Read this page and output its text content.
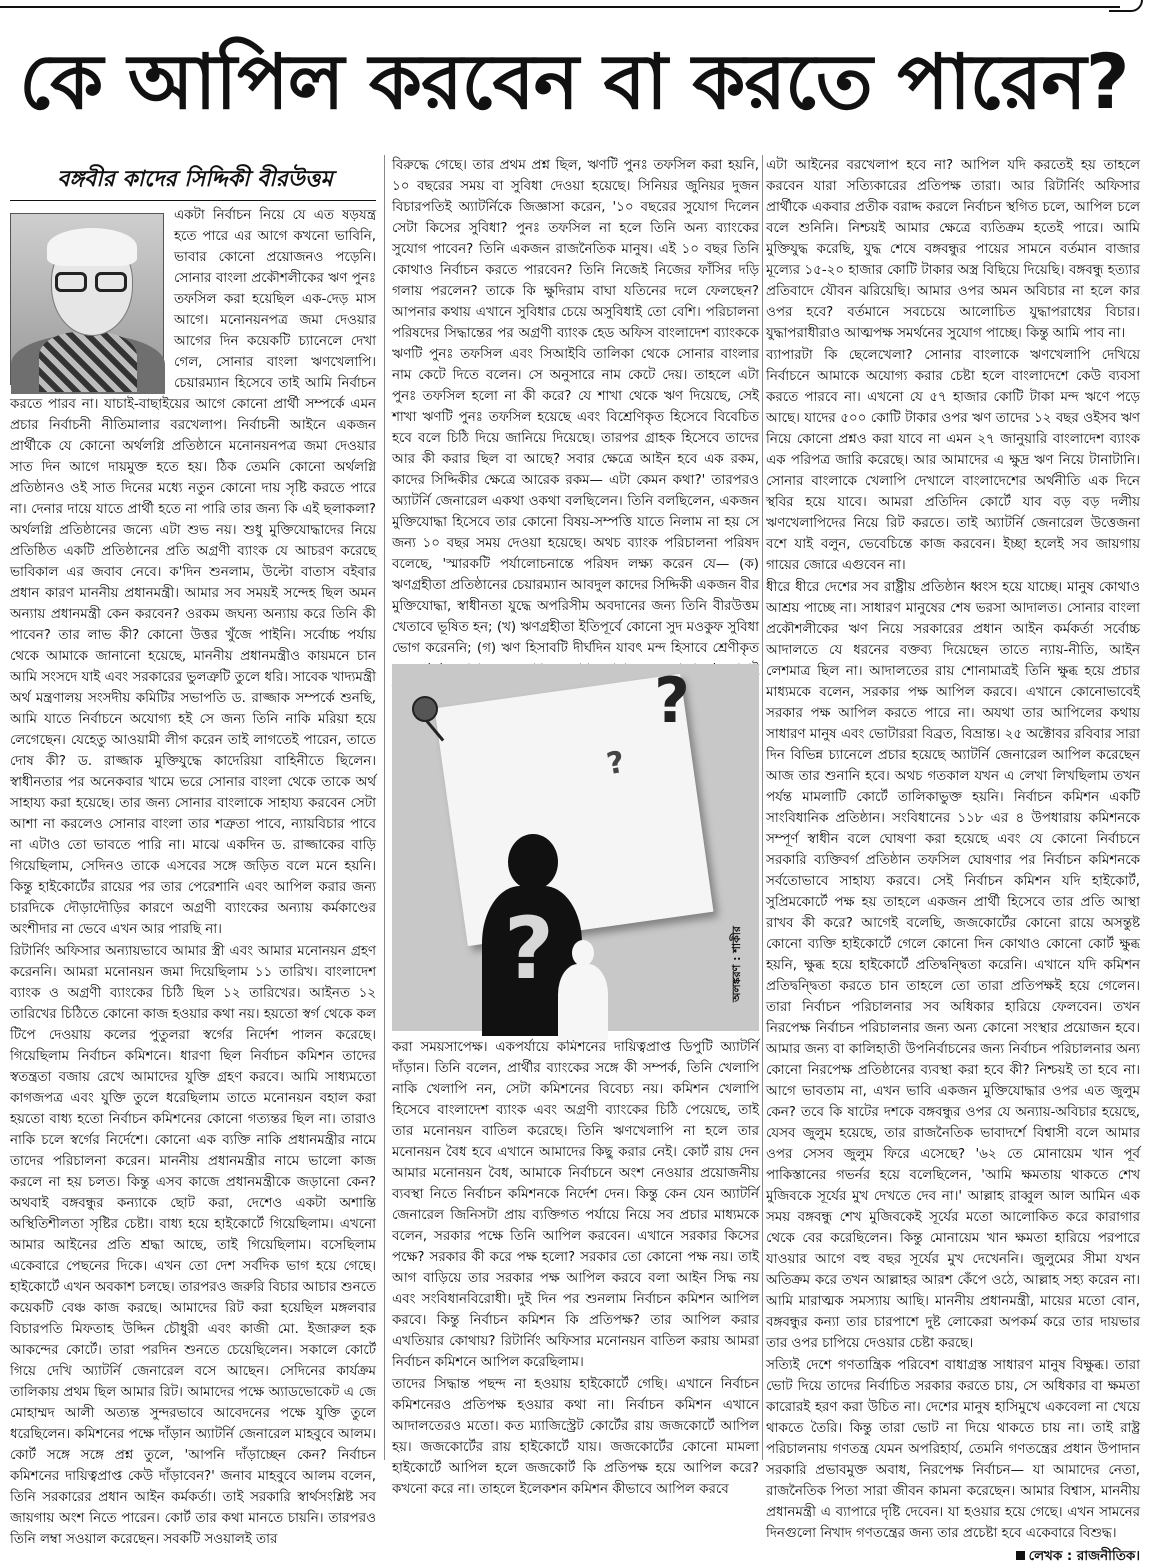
কে আপিল করবেন বা করতে পারেন?
বঙ্গবীর কাদের সিদ্দিকী বীরউত্তম

একটা নির্বাচন নিয়ে যে এত ষড়যন্ত্র হতে পারে এর আগে কখনো ভাবিনি, ভাবার কোনো প্রয়োজনও পড়েনি। সোনার বাংলা প্রকৌশলীকের ঋণ পুনঃ তফসিল করা হয়েছিল এক-দেড় মাস আগে। মনোনয়নপত্র জমা দেওয়ার আগের দিন কয়েকটি চ্যানেলে দেখা গেল, সোনার বাংলা ঋণখেলাপি। চেয়ারম্যান হিসেবে তাই আমি নির্বাচন করতে পারব না। যাচাই-বাছাইয়ের আগে কোনো প্রার্থী সম্পর্কে এমন প্রচার নির্বাচনী নীতিমালার বরখেলাপ। নির্বাচনী আইনে একজন প্রার্থীকে যে কোনো অর্থলগ্নি প্রতিষ্ঠানে মনোনয়নপত্র জমা দেওয়ার সাত দিন আগে দায়মুক্ত হতে হয়। ঠিক তেমনি কোনো অর্থলগ্নি প্রতিষ্ঠানও ওই সাত দিনের মধ্যে নতুন কোনো দায় সৃষ্টি করতে পারে না। দেনার দায়ে যাতে প্রার্থী হতে না পারি তার জন্য কি এই ছলাকলা? অর্থলগ্নি প্রতিষ্ঠানের জন্যে এটা শুভ নয়। শুধু মুক্তিযোদ্ধাদের নিয়ে প্রতিষ্ঠিত একটি প্রতিষ্ঠানের প্রতি অগ্রণী ব্যাংক যে আচরণ করেছে ভাবিকাল এর জবাব নেবে। ক'দিন শুনলাম, উল্টো বাতাস বইবার প্রধান কারণ মাননীয় প্রধানমন্ত্রী। আমার সব সময়ই সন্দেহ ছিল অমন অন্যায় প্রধানমন্ত্রী কেন করবেন? ওরকম জঘন্য অন্যায় করে তিনি কী পাবেন? তার লাভ কী? কোনো উত্তর খুঁজে পাইনি। সর্বোচ্চ পর্যায় থেকে আমাকে জানানো হয়েছে, মাননীয় প্রধানমন্ত্রীও কায়মনে চান আমি সংসদে যাই এবং সরকারের ভুলত্রুটি তুলে ধরি। সাবেক খাদ্যমন্ত্রী অর্থ মন্ত্রণালয় সংসদীয় কমিটির সভাপতি ড. রাজ্জাক সম্পর্কে শুনছি, আমি যাতে নির্বাচনে অযোগ্য হই সে জন্য তিনি নাকি মরিয়া হয়ে লেগেছেন। যেহেতু আওয়ামী লীগ করেন তাই লাগতেই পারেন, তাতে দোষ কী? ড. রাজ্জাক মুক্তিযুদ্ধে কাদেরিয়া বাহিনীতে ছিলেন। স্বাধীনতার পর অনেকবার খামে ভরে সোনার বাংলা থেকে তাকে অর্থ সাহায্য করা হয়েছে। তার জন্য সোনার বাংলাকে সাহায্য করবেন সেটা আশা না করলেও সোনার বাংলা তার শত্রুতা পাবে, ন্যায়বিচার পাবে না এটাও তো ভাবতে পারি না। মাঝে একদিন ড. রাজ্জাকের বাড়ি গিয়েছিলাম, সেদিনও তাকে এসবের সঙ্গে জড়িত বলে মনে হয়নি। কিন্তু হাইকোর্টের রায়ের পর তার পেরেশানি এবং আপিল করার জন্য চারদিকে দৌড়াদৌড়ির কারণে অগ্রণী ব্যাংকের অন্যায় কর্মকাণ্ডের অংশীদার না ভেবে এখন আর পারছি না।

রিটার্নিং অফিসার অন্যায়ভাবে আমার স্ত্রী এবং আমার মনোনয়ন গ্রহণ করেননি। আমরা মনোনয়ন জমা দিয়েছিলাম ১১ তারিখ। বাংলাদেশ ব্যাংক ও অগ্রণী ব্যাংকের চিঠি ছিল ১২ তারিখের। আইনত ১২ তারিখের চিঠিতে কোনো কাজ হওয়ার কথা নয়। হয়তো স্বর্গ থেকে কল টিপে দেওয়ায় কলের পুতুলরা স্বর্গের নির্দেশ পালন করেছে। গিয়েছিলাম নির্বাচন কমিশনে। ধারণা ছিল নির্বাচন কমিশন তাদের স্বতন্ত্রতা বজায় রেখে আমাদের যুক্তি গ্রহণ করবে। আমি সাধ্যমতো কাগজপত্র এবং যুক্তি তুলে ধরেছিলাম তাতে মনোনয়ন বহাল করা হয়তো বাধ্য হতো নির্বাচন কমিশনের কোনো গত্যন্তর ছিল না। তারাও নাকি চলে স্বর্গের নির্দেশে। কোনো এক ব্যক্তি নাকি প্রধানমন্ত্রীর নামে তাদের পরিচালনা করেন। মাননীয় প্রধানমন্ত্রীর নামে ভালো কাজ করলে না হয় চলত। কিন্তু এসব কাজে প্রধানমন্ত্রীকে জড়ানো কেন? অথবাই বঙ্গবন্ধুর কন্যাকে ছোট করা, দেশেও একটা অশান্তি অস্থিতিশীলতা সৃষ্টির চেষ্টা। বাধ্য হয়ে হাইকোর্টে গিয়েছিলাম। এখনো আমার আইনের প্রতি শ্রদ্ধা আছে, তাই গিয়েছিলাম। বসেছিলাম একেবারে পেছনের দিকে। এখন তো দেশ সর্বদিক ভাগ হয়ে গেছে। হাইকোর্টে এখন অবকাশ চলছে। তারপরও জরুরি বিচার আচার শুনতে কয়েকটি বেঞ্চ কাজ করছে। আমাদের রিট করা হয়েছিল মঙ্গলবার বিচারপতি মিফতাহ উদ্দিন চৌধুরী এবং কাজী মো. ইজারুল হক আকন্দের কোর্টে। তারা পরদিন শুনতে চেয়েছিলেন। সকালে কোর্টে গিয়ে দেখি অ্যাটর্নি জেনারেল বসে আছেন। সেদিনের কার্যক্রম তালিকায় প্রথম ছিল আমার রিট। আমাদের পক্ষে অ্যাডভোকেট এ জে মোহাম্মদ আলী অত্যন্ত সুন্দরভাবে আবেদনের পক্ষে যুক্তি তুলে ধরেছিলেন। কমিশনের পক্ষে দাঁড়ান অ্যাটর্নি জেনারেল মাহবুবে আলম। কোর্ট সঙ্গে সঙ্গে প্রশ্ন তুলে, 'আপনি দাঁড়াচ্ছেন কেন? নির্বাচন কমিশনের দায়িত্বপ্রাপ্ত কেউ দাঁড়াবেন?' জনাব মাহবুবে আলম বলেন, তিনি সরকারের প্রধান আইন কর্মকর্তা। তাই সরকারি স্বার্থসংশ্লিষ্ট সব জায়গায় অংশ নিতে পারেন। কোর্ট তার কথা মানতে চায়নি। তারপরও তিনি লম্বা সওয়াল করেছেন। সবকটি সওয়ালই তার

বিরুদ্ধে গেছে। তার প্রথম প্রশ্ন ছিল, ঋণটি পুনঃ তফসিল করা হয়নি, ১০ বছরের সময় বা সুবিধা দেওয়া হয়েছে। সিনিয়র জুনিয়র দুজন বিচারপতিই অ্যাটর্নিকে জিজ্ঞাসা করেন, '১০ বছরের সুযোগ দিলেন সেটা কিসের সুবিধা? পুনঃ তফসিল না হলে তিনি অন্য ব্যাংকের সুযোগ পাবেন? তিনি একজন রাজনৈতিক মানুষ। এই ১০ বছর তিনি কোথাও নির্বাচন করতে পারবেন? তিনি নিজেই নিজের ফাঁসির দড়ি গলায় পরলেন? তাকে কি ক্ষুদিরাম বাঘা যতিনের দলে ফেলছেন? আপনার কথায় এখানে সুবিধার চেয়ে অসুবিধাই তো বেশি। পরিচালনা পরিষদের সিদ্ধান্তের পর অগ্রণী ব্যাংক হেড অফিস বাংলাদেশ ব্যাংককে ঋণটি পুনঃ তফসিল এবং সিআইবি তালিকা থেকে সোনার বাংলার নাম কেটে দিতে বলেন। সে অনুসারে নাম কেটে দেয়। তাহলে এটা পুনঃ তফসিল হলো না কী করে? যে শাখা থেকে ঋণ দিয়েছে, সেই শাখা ঋণটি পুনঃ তফসিল হয়েছে এবং বিশ্রেণিকৃত হিসেবে বিবেচিত হবে বলে চিঠি দিয়ে জানিয়ে দিয়েছে। তারপর গ্রাহক হিসেবে তাদের আর কী করার ছিল বা আছে? সবার ক্ষেত্রে আইন হবে এক রকম, কাদের সিদ্দিকীর ক্ষেত্রে আরেক রকম— এটা কেমন কথা?' তারপরও অ্যাটর্নি জেনারেল একথা ওকথা বলছিলেন। তিনি বলছিলেন, একজন মুক্তিযোদ্ধা হিসেবে তার কোনো বিষয়-সম্পত্তি যাতে নিলাম না হয় সে জন্য ১০ বছর সময় দেওয়া হয়েছে। অথচ ব্যাংক পরিচালনা পরিষদ বলেছে, 'স্মারকটি পর্যালোচনান্তে পরিষদ লক্ষ্য করেন যে— (ক) ঋণগ্রহীতা প্রতিষ্ঠানের চেয়ারম্যান আবদুল কাদের সিদ্দিকী একজন বীর মুক্তিযোদ্ধা, স্বাধীনতা যুদ্ধে অপরিসীম অবদানের জন্য তিনি বীরউত্তম খেতাবে ভূষিত হন; (খ) ঋণগ্রহীতা ইতিপূর্বে কোনো সুদ মওকুফ সুবিধা ভোগ করেননি; (গ) ঋণ হিসাবটি দীর্ঘদিন যাবৎ মন্দ হিসাবে শ্রেণীকৃত

করা সময়সাপেক্ষ। একপর্যায়ে কমিশনের দায়িত্বপ্রাপ্ত ডিপুটি অ্যাটর্নি দাঁড়ান। তিনি বলেন, প্রার্থীর ব্যাংকের সঙ্গে কী সম্পর্ক, তিনি খেলাপি নাকি খেলাপি নন, সেটা কমিশনের বিবেচ্য নয়। কমিশন খেলাপি হিসেবে বাংলাদেশ ব্যাংক এবং অগ্রণী ব্যাংকের চিঠি পেয়েছে, তাই তার মনোনয়ন বাতিল করেছে। তিনি ঋণখেলাপি না হলে তার মনোনয়ন বৈধ হবে এখানে আমাদের কিছু করার নেই। কোর্ট রায় দেন আমার মনোনয়ন বৈধ, আমাকে নির্বাচনে অংশ নেওয়ার প্রয়োজনীয় ব্যবস্থা নিতে নির্বাচন কমিশনকে নির্দেশ দেন। কিন্তু কেন যেন অ্যাটর্নি জেনারেল জিনিসটা প্রায় ব্যক্তিগত পর্যায়ে নিয়ে সব প্রচার মাধ্যমকে বলেন, সরকার পক্ষে তিনি আপিল করবেন। এখানে সরকার কিসের পক্ষে? সরকার কী করে পক্ষ হলো? সরকার তো কোনো পক্ষ নয়। তাই আগ বাড়িয়ে তার সরকার পক্ষ আপিল করবে বলা আইন সিদ্ধ নয় এবং সংবিধানবিরোধী। দুই দিন পর শুনলাম নির্বাচন কমিশন আপিল করবে। কিন্তু নির্বাচন কমিশন কি প্রতিপক্ষ? তার আপিল করার এখতিয়ার কোথায়? রিটার্নিং অফিসার মনোনয়ন বাতিল করায় আমরা নির্বাচন কমিশনে আপিল করেছিলাম।

তাদের সিদ্ধান্ত পছন্দ না হওয়ায় হাইকোর্টে গেছি। এখানে নির্বাচন কমিশনেরও প্রতিপক্ষ হওয়ার কথা না। নির্বাচন কমিশন এখানে আদালতেরও মতো। কত ম্যাজিস্ট্রেট কোর্টের রায় জজকোর্টে আপিল হয়। জজকোর্টের রায় হাইকোর্টে যায়। জজকোর্টের কোনো মামলা হাইকোর্টে আপিল হলে জজকোর্ট কি প্রতিপক্ষ হয়ে আপিল করে? কখনো করে না। তাহলে ইলেকশন কমিশন কীভাবে আপিল করবে

?
?
?	অলঙ্করণ : শাকীর

এটা আইনের বরখেলাপ হবে না? আপিল যদি করতেই হয় তাহলে করবেন যারা সত্যিকারের প্রতিপক্ষ তারা। আর রিটার্নিং অফিসার প্রার্থীকে একবার প্রতীক বরাদ্দ করলে নির্বাচন স্থগিত চলে, আপিল চলে বলে শুনিনি। নিশ্চয়ই আমার ক্ষেত্রে ব্যতিক্রম হতেই পারে। আমি মুক্তিযুদ্ধ করেছি, যুদ্ধ শেষে বঙ্গবন্ধুর পায়ের সামনে বর্তমান বাজার মূল্যের ১৫-২০ হাজার কোটি টাকার অস্ত্র বিছিয়ে দিয়েছি। বঙ্গবন্ধু হত্যার প্রতিবাদে যৌবন ঝরিয়েছি। আমার ওপর অমন অবিচার না হলে কার ওপর হবে? বর্তমানে সবচেয়ে আলোচিত যুদ্ধাপরাধের বিচার। যুদ্ধাপরাধীরাও আত্মপক্ষ সমর্থনের সুযোগ পাচ্ছে। কিন্তু আমি পাব না।

ব্যাপারটা কি ছেলেখেলা? সোনার বাংলাকে ঋণখেলাপি দেখিয়ে নির্বাচনে আমাকে অযোগ্য করার চেষ্টা হলে বাংলাদেশে কেউ ব্যবসা করতে পারবে না। এখনো যে ৫৭ হাজার কোটি টাকা মন্দ ঋণে পড়ে আছে। যাদের ৫০০ কোটি টাকার ওপর ঋণ তাদের ১২ বছর ওইসব ঋণ নিয়ে কোনো প্রশ্নও করা যাবে না এমন ২৭ জানুয়ারি বাংলাদেশ ব্যাংক এক পরিপত্র জারি করেছে। আর আমাদের এ ক্ষুদ্র ঋণ নিয়ে টানাটানি। সোনার বাংলাকে খেলাপি দেখালে বাংলাদেশের অর্থনীতি এক দিনে স্থবির হয়ে যাবে। আমরা প্রতিদিন কোর্টে যাব বড় বড় দলীয় ঋণখেলাপিদের নিয়ে রিট করতে। তাই অ্যাটর্নি জেনারেল উত্তেজনা বশে যাই বলুন, ভেবেচিন্তে কাজ করবেন। ইচ্ছা হলেই সব জায়গায় গায়ের জোরে এগুবেন না।

ধীরে ধীরে দেশের সব রাষ্ট্রীয় প্রতিষ্ঠান ধ্বংস হয়ে যাচ্ছে। মানুষ কোথাও আশ্রয় পাচ্ছে না। সাধারণ মানুষের শেষ ভরসা আদালত। সোনার বাংলা প্রকৌশলীকের ঋণ নিয়ে সরকারের প্রধান আইন কর্মকর্তা সর্বোচ্চ আদালতে যে ধরনের বক্তব্য দিয়েছেন তাতে ন্যায়-নীতি, আইন লেশমাত্র ছিল না। আদালতের রায় শোনামাত্রই তিনি ক্ষুব্ধ হয়ে প্রচার মাধ্যমকে বলেন, সরকার পক্ষ আপিল করবে। এখানে কোনোভাবেই সরকার পক্ষ আপিল করতে পারে না। অযথা তার আপিলের কথায় সাধারণ মানুষ এবং ভোটাররা বিব্রত, বিভ্রান্ত। ২৫ অক্টোবর রবিবার সারা দিন বিভিন্ন চ্যানেলে প্রচার হয়েছে অ্যাটর্নি জেনারেল আপিল করেছেন আজ তার শুনানি হবে। অথচ গতকাল যখন এ লেখা লিখছিলাম তখন পর্যন্ত মামলাটি কোর্টে তালিকাভুক্ত হয়নি। নির্বাচন কমিশন একটি সাংবিধানিক প্রতিষ্ঠান। সংবিধানের ১১৮ এর ৪ উপধারায় কমিশনকে সম্পূর্ণ স্বাধীন বলে ঘোষণা করা হয়েছে এবং যে কোনো নির্বাচনে সরকারি ব্যক্তিবর্গ প্রতিষ্ঠান তফসিল ঘোষণার পর নির্বাচন কমিশনকে সর্বতোভাবে সাহায্য করবে। সেই নির্বাচন কমিশন যদি হাইকোর্ট, সুপ্রিমকোর্টে পক্ষ হয় তাহলে একজন প্রার্থী হিসেবে তার প্রতি আস্থা রাখব কী করে? আগেই বলেছি, জজকোর্টের কোনো রায়ে অসন্তুষ্ট কোনো ব্যক্তি হাইকোর্টে গেলে কোনো দিন কোথাও কোনো কোর্ট ক্ষুব্ধ হয়নি, ক্ষুব্ধ হয়ে হাইকোর্টে প্রতিদ্বন্দ্বিতা করেনি। এখানে যদি কমিশন প্রতিদ্বন্দ্বিতা করতে চান তাহলে তো তারা প্রতিপক্ষই হয়ে গেলেন। তারা নির্বাচন পরিচালনার সব অধিকার হারিয়ে ফেলবেন। তখন নিরপেক্ষ নির্বাচন পরিচালনার জন্য অন্য কোনো সংস্থার প্রয়োজন হবে। আমার জন্য বা কালিহাতী উপনির্বাচনের জন্য নির্বাচন পরিচালনার অন্য কোনো নিরপেক্ষ প্রতিষ্ঠানের ব্যবস্থা করা হবে কী? নিশ্চয়ই তা হবে না। আগে ভাবতাম না, এখন ভাবি একজন মুক্তিযোদ্ধার ওপর এত জুলুম কেন? তবে কি ষাটের দশকে বঙ্গবন্ধুর ওপর যে অন্যায়-অবিচার হয়েছে, যেসব জুলুম হয়েছে, তার রাজনৈতিক ভাবাদর্শে বিশ্বাসী বলে আমার ওপর সেসব জুলুম ফিরে এসেছে? '৬২ তে মোনায়েম খান পূর্ব পাকিস্তানের গভর্নর হয়ে বলেছিলেন, 'আমি ক্ষমতায় থাকতে শেখ মুজিবকে সূর্যের মুখ দেখতে দেব না।' আল্লাহ রাব্বুল আল আমিন এক সময় বঙ্গবন্ধু শেখ মুজিবকেই সূর্যের মতো আলোকিত করে কারাগার থেকে বের করেছিলেন। কিন্তু মোনায়েম খান ক্ষমতা হারিয়ে পরপারে যাওয়ার আগে বহু বছর সূর্যের মুখ দেখেননি। জুলুমের সীমা যখন অতিক্রম করে তখন আল্লাহর আরশ কেঁপে ওঠে, আল্লাহ সহ্য করেন না। আমি মারাত্মক সমস্যায় আছি। মাননীয় প্রধানমন্ত্রী, মায়ের মতো বোন, বঙ্গবন্ধুর কন্যা তার চারপাশে দুষ্ট লোকেরা অপকর্ম করে তার দায়ভার তার ওপর চাপিয়ে দেওয়ার চেষ্টা করছে।

সত্যিই দেশে গণতান্ত্রিক পরিবেশ বাধাগ্রস্ত সাধারণ মানুষ বিক্ষুব্ধ। তারা ভোট দিয়ে তাদের নির্বাচিত সরকার করতে চায়, সে অধিকার বা ক্ষমতা কারোরই হরণ করা উচিত না। দেশের মানুষ হাসিমুখে একবেলা না খেয়ে থাকতে তৈরি। কিন্তু তারা ভোট না দিয়ে থাকতে চায় না। তাই রাষ্ট্র পরিচালনায় গণতন্ত্র যেমন অপরিহার্য, তেমনি গণতন্ত্রের প্রধান উপাদান সরকারি প্রভাবমুক্ত অবাধ, নিরপেক্ষ নির্বাচন— যা আমাদের নেতা, রাজনৈতিক পিতা সারা জীবন কামনা করেছেন। আমার বিশ্বাস, মাননীয় প্রধানমন্ত্রী এ ব্যাপারে দৃষ্টি দেবেন। যা হওয়ার হয়ে গেছে। এখন সামনের দিনগুলো নিখাদ গণতন্ত্রের জন্য তার প্রচেষ্টা হবে একেবারে বিশুদ্ধ।

লেখক : রাজনীতিক।
